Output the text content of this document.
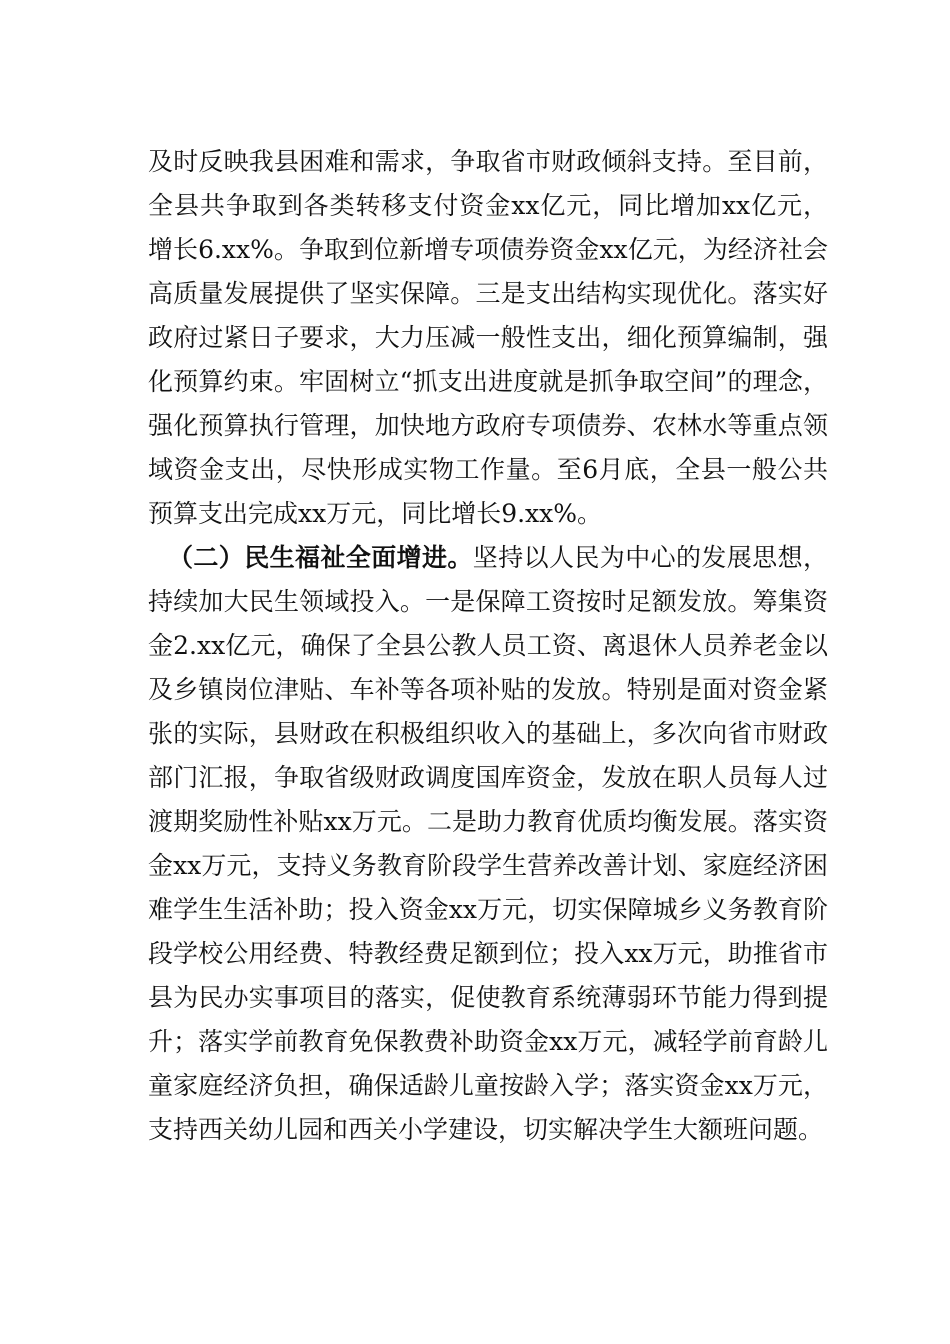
及时反映我县困难和需求，争取省市财政倾斜支持。至目前，
全县共争取到各类转移支付资金xx亿元，同比增加xx亿元，
增长6.xx%。争取到位新增专项债券资金xx亿元，为经济社会
高质量发展提供了坚实保障。三是支出结构实现优化。落实好
政府过紧日子要求，大力压减一般性支出，细化预算编制，强
化预算约束。牢固树立“抓支出进度就是抓争取空间”的理念，
强化预算执行管理，加快地方政府专项债券、农林水等重点领
域资金支出，尽快形成实物工作量。至6月底，全县一般公共
预算支出完成xx万元，同比增长9.xx%。
（二）民生福祉全面增进。坚持以人民为中心的发展思想，
持续加大民生领域投入。一是保障工资按时足额发放。筹集资
金2.xx亿元，确保了全县公教人员工资、离退休人员养老金以
及乡镇岗位津贴、车补等各项补贴的发放。特别是面对资金紧
张的实际，县财政在积极组织收入的基础上，多次向省市财政
部门汇报，争取省级财政调度国库资金，发放在职人员每人过
渡期奖励性补贴xx万元。二是助力教育优质均衡发展。落实资
金xx万元，支持义务教育阶段学生营养改善计划、家庭经济困
难学生生活补助；投入资金xx万元，切实保障城乡义务教育阶
段学校公用经费、特教经费足额到位；投入xx万元，助推省市
县为民办实事项目的落实，促使教育系统薄弱环节能力得到提
升；落实学前教育免保教费补助资金xx万元，减轻学前育龄儿
童家庭经济负担，确保适龄儿童按龄入学；落实资金xx万元，
支持西关幼儿园和西关小学建设，切实解决学生大额班问题。
